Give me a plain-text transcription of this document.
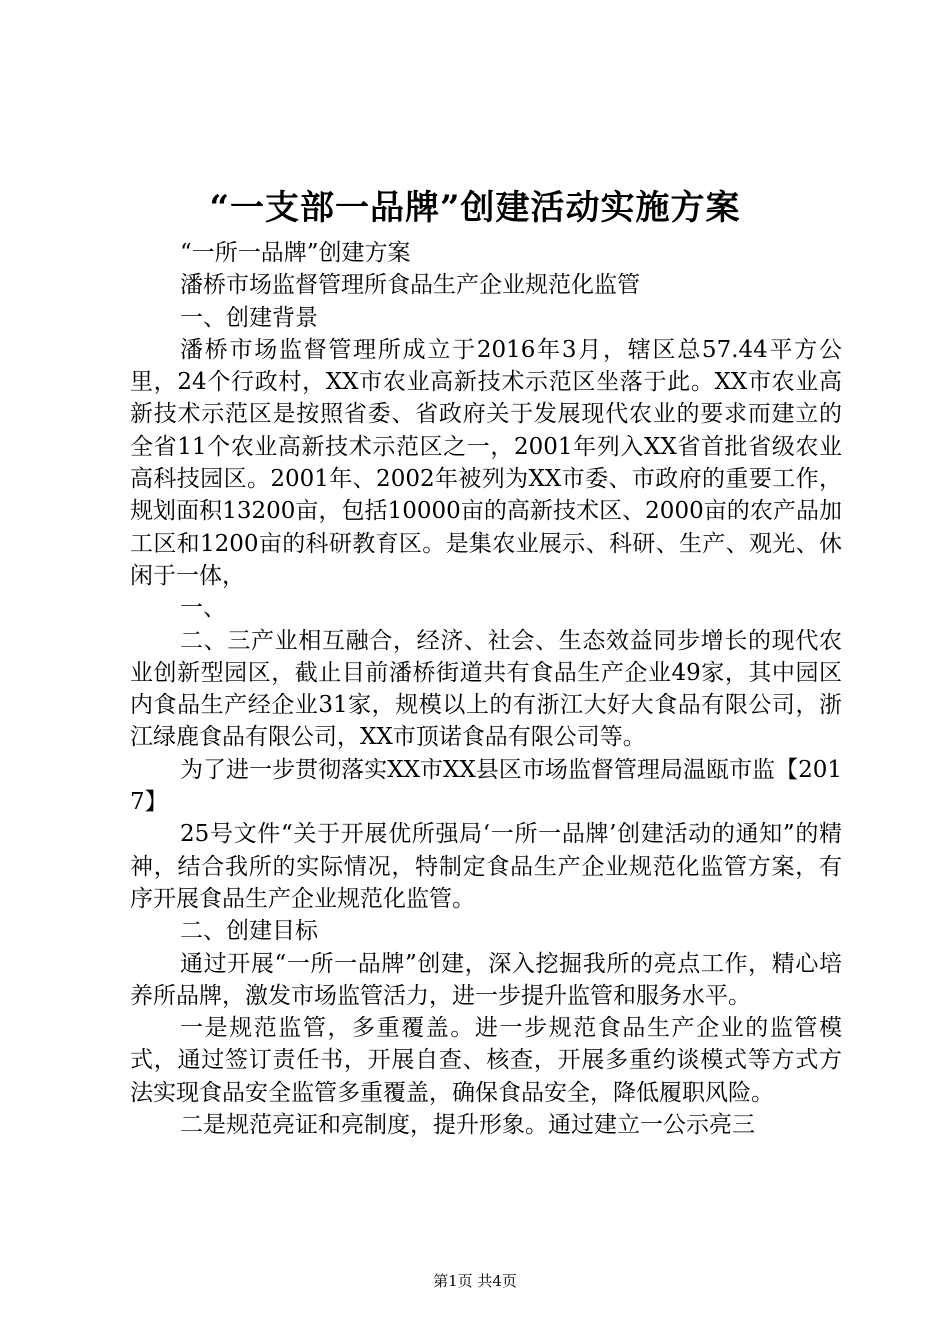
“一支部一品牌”创建活动实施方案

“一所一品牌”创建方案

潘桥市场监督管理所食品生产企业规范化监管

一、创建背景

潘桥市场监督管理所成立于2016年3月，辖区总57.44平方公里，24个行政村，XX市农业高新技术示范区坐落于此。XX市农业高新技术示范区是按照省委、省政府关于发展现代农业的要求而建立的全省11个农业高新技术示范区之一，2001年列入XX省首批省级农业高科技园区。2001年、2002年被列为XX市委、市政府的重要工作，规划面积13200亩，包括10000亩的高新技术区、2000亩的农产品加工区和1200亩的科研教育区。是集农业展示、科研、生产、观光、休闲于一体，

一、

二、三产业相互融合，经济、社会、生态效益同步增长的现代农业创新型园区，截止目前潘桥街道共有食品生产企业49家，其中园区内食品生产经企业31家，规模以上的有浙江大好大食品有限公司，浙江绿鹿食品有限公司，XX市顶诺食品有限公司等。

为了进一步贯彻落实XX市XX县区市场监督管理局温瓯市监【2017】

25号文件“关于开展优所强局‘一所一品牌’创建活动的通知”的精神，结合我所的实际情况，特制定食品生产企业规范化监管方案，有序开展食品生产企业规范化监管。

二、创建目标

通过开展“一所一品牌”创建，深入挖掘我所的亮点工作，精心培养所品牌，激发市场监管活力，进一步提升监管和服务水平。

一是规范监管，多重覆盖。进一步规范食品生产企业的监管模式，通过签订责任书，开展自查、核查，开展多重约谈模式等方式方法实现食品安全监管多重覆盖，确保食品安全，降低履职风险。

二是规范亮证和亮制度，提升形象。通过建立一公示亮三

第1页 共4页
